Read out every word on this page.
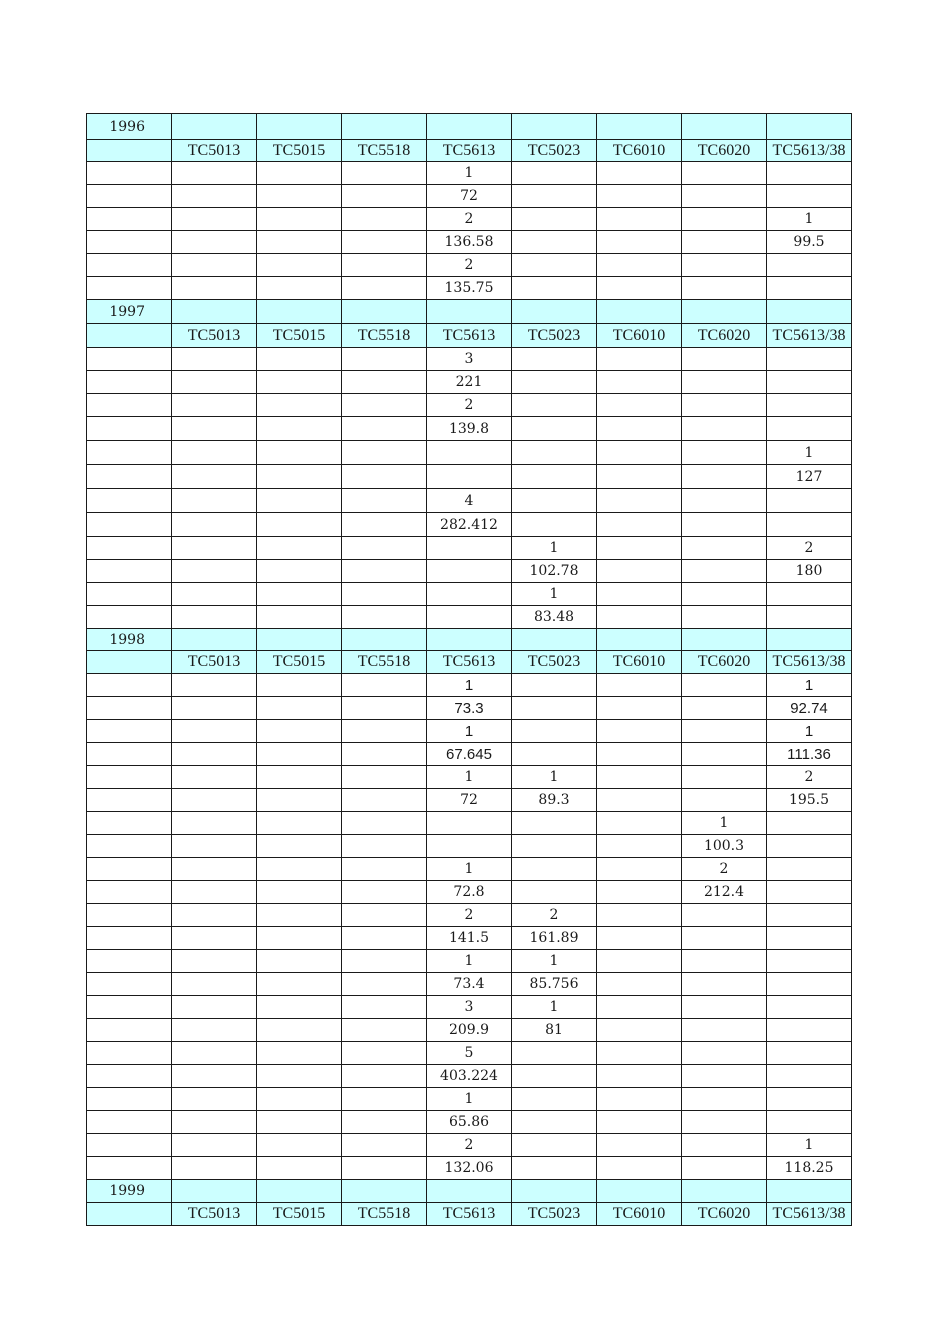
1996								
	TC5013	TC5015	TC5518	TC5613	TC5023	TC6010	TC6020	TC5613/38
				1				
				72				
				2				1
				136.58				99.5
				2				
				135.75				
1997								
	TC5013	TC5015	TC5518	TC5613	TC5023	TC6010	TC6020	TC5613/38
				3				
				221				
				2				
				139.8				
								1
								127
				4				
				282.412				
					1			2
					102.78			180
					1			
					83.48			
1998								
	TC5013	TC5015	TC5518	TC5613	TC5023	TC6010	TC6020	TC5613/38
				1				1
				73.3				92.74
				1				1
				67.645				111.36
				1	1			2
				72	89.3			195.5
							1	
							100.3	
				1			2	
				72.8			212.4	
				2	2			
				141.5	161.89			
				1	1			
				73.4	85.756			
				3	1			
				209.9	81			
				5				
				403.224				
				1				
				65.86				
				2				1
				132.06				118.25
1999								
	TC5013	TC5015	TC5518	TC5613	TC5023	TC6010	TC6020	TC5613/38
